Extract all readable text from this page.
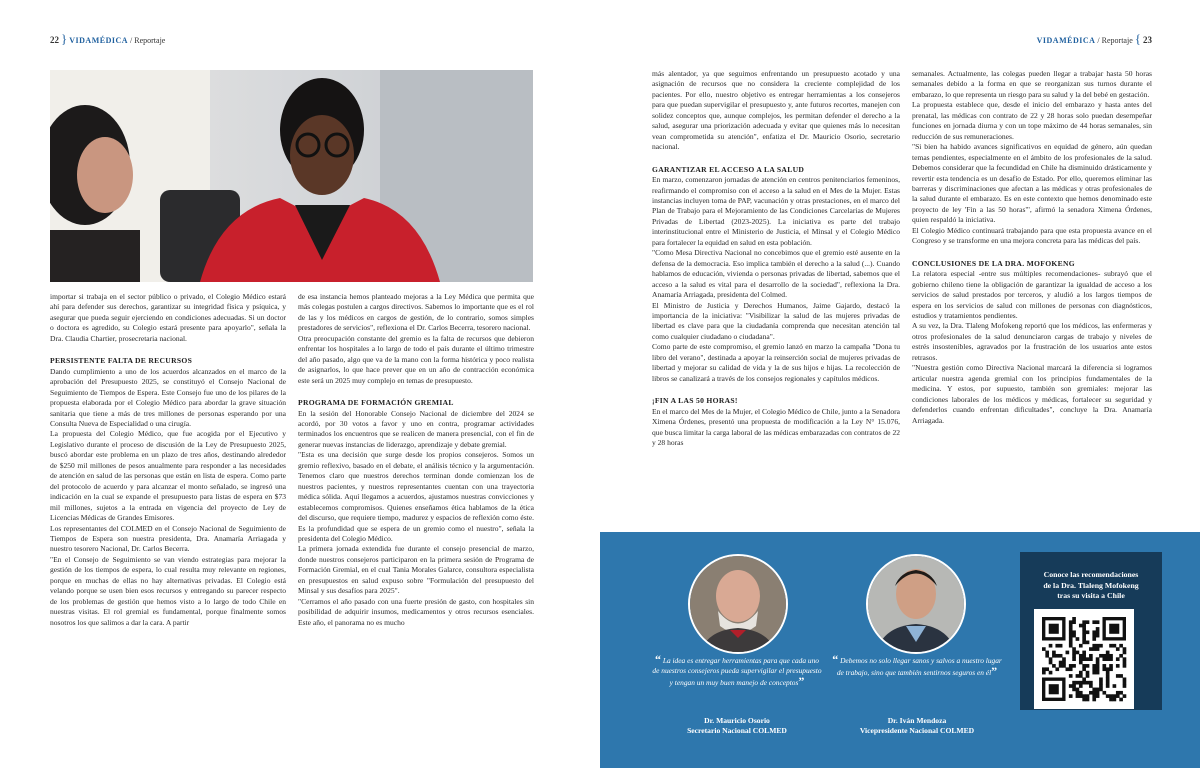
22 } VIDAMÉDICA / Reportaje	VIDAMÉDICA / Reportaje { 23

importar si trabaja en el sector público o privado, el Colegio Médico estará ahí para defender sus derechos, garantizar su integridad física y psíquica, y asegurar que pueda seguir ejerciendo en condiciones adecuadas. Si un doctor o doctora es agredido, su Colegio estará presente para apoyarlo", señala la Dra. Claudia Chartier, prosecretaria nacional.

PERSISTENTE FALTA DE RECURSOS

Dando cumplimiento a uno de los acuerdos alcanzados en el marco de la aprobación del Presupuesto 2025, se constituyó el Consejo Nacional de Seguimiento de Tiempos de Espera. Este Consejo fue uno de los pilares de la propuesta elaborada por el Colegio Médico para abordar la grave situación sanitaria que tiene a más de tres millones de personas esperando por una Consulta Nueva de Especialidad o una cirugía.

La propuesta del Colegio Médico, que fue acogida por el Ejecutivo y Legislativo durante el proceso de discusión de la Ley de Presupuesto 2025, buscó abordar este problema en un plazo de tres años, destinando alrededor de $250 mil millones de pesos anualmente para responder a las necesidades de atención en salud de las personas que están en lista de espera. Como parte del protocolo de acuerdo y para alcanzar el monto señalado, se ingresó una indicación en la cual se expande el presupuesto para listas de espera en $73 mil millones, sujetos a la entrada en vigencia del proyecto de Ley de Licencias Médicas de Grandes Emisores.

Los representantes del COLMED en el Consejo Nacional de Seguimiento de Tiempos de Espera son nuestra presidenta, Dra. Anamaría Arriagada y nuestro tesorero Nacional, Dr. Carlos Becerra.

"En el Consejo de Seguimiento se van viendo estrategias para mejorar la gestión de los tiempos de espera, lo cual resulta muy relevante en regiones, porque en muchas de ellas no hay alternativas privadas. El Colegio está velando porque se usen bien esos recursos y entregando su parecer respecto de los problemas de gestión que hemos visto a lo largo de todo Chile en nuestras visitas. El rol gremial es fundamental, porque finalmente somos nosotros los que salimos a dar la cara. A partir

de esa instancia hemos planteado mejoras a la Ley Médica que permita que más colegas postulen a cargos directivos. Sabemos lo importante que es el rol de las y los médicos en cargos de gestión, de lo contrario, somos simples prestadores de servicios", reflexiona el Dr. Carlos Becerra, tesorero nacional.

Otra preocupación constante del gremio es la falta de recursos que debieron enfrentar los hospitales a lo largo de todo el país durante el último trimestre del año pasado, algo que va de la mano con la forma histórica y poco realista de asignarlos, lo que hace prever que en un año de contracción económica este será un 2025 muy complejo en temas de presupuesto.

PROGRAMA DE FORMACIÓN GREMIAL

En la sesión del Honorable Consejo Nacional de diciembre del 2024 se acordó, por 30 votos a favor y uno en contra, programar actividades terminados los encuentros que se realicen de manera presencial, con el fin de generar nuevas instancias de liderazgo, aprendizaje y debate gremial.

"Esta es una decisión que surge desde los propios consejeros. Somos un gremio reflexivo, basado en el debate, el análisis técnico y la argumentación. Tenemos claro que nuestros derechos terminan donde comienzan los de nuestros pacientes, y nuestros representantes cuentan con una trayectoria médica sólida. Aquí llegamos a acuerdos, ajustamos nuestras convicciones y establecemos compromisos. Quienes enseñamos ética hablamos de la ética del discurso, que requiere tiempo, madurez y espacios de reflexión como éste. Es la profundidad que se espera de un gremio como el nuestro", señala la presidenta del Colegio Médico.

La primera jornada extendida fue durante el consejo presencial de marzo, donde nuestros consejeros participaron en la primera sesión de Programa de Formación Gremial, en el cual Tania Morales Galarce, consultora especialista en presupuestos en salud expuso sobre "Formulación del presupuesto del Minsal y sus desafíos para 2025".

"Cerramos el año pasado con una fuerte presión de gasto, con hospitales sin posibilidad de adquirir insumos, medicamentos y otros recursos esenciales. Este año, el panorama no es mucho

más alentador, ya que seguimos enfrentando un presupuesto acotado y una asignación de recursos que no considera la creciente complejidad de los pacientes. Por ello, nuestro objetivo es entregar herramientas a los consejeros para que puedan supervigilar el presupuesto y, ante futuros recortes, manejen con solidez conceptos que, aunque complejos, les permitan defender el derecho a la salud, asegurar una priorización adecuada y evitar que quienes más lo necesitan vean comprometida su atención", enfatiza el Dr. Mauricio Osorio, secretario nacional.

GARANTIZAR EL ACCESO A LA SALUD

En marzo, comenzaron jornadas de atención en centros penitenciarios femeninos, reafirmando el compromiso con el acceso a la salud en el Mes de la Mujer. Estas instancias incluyen toma de PAP, vacunación y otras prestaciones, en el marco del Plan de Trabajo para el Mejoramiento de las Condiciones Carcelarias de Mujeres Privadas de Libertad (2023-2025). La iniciativa es parte del trabajo interinstitucional entre el Ministerio de Justicia, el Minsal y el Colegio Médico para fortalecer la equidad en salud en esta población.

"Como Mesa Directiva Nacional no concebimos que el gremio esté ausente en la defensa de la democracia. Eso implica también el derecho a la salud (...). Cuando hablamos de educación, vivienda o personas privadas de libertad, sabemos que el acceso a la salud es vital para el desarrollo de la sociedad", reflexiona la Dra. Anamaría Arriagada, presidenta del Colmed.

El Ministro de Justicia y Derechos Humanos, Jaime Gajardo, destacó la importancia de la iniciativa: "Visibilizar la salud de las mujeres privadas de libertad es clave para que la ciudadanía comprenda que necesitan atención tal como cualquier ciudadano o ciudadana".

Como parte de este compromiso, el gremio lanzó en marzo la campaña "Dona tu libro del verano", destinada a apoyar la reinserción social de mujeres privadas de libertad y mejorar su calidad de vida y la de sus hijos e hijas. La recolección de libros se canalizará a través de los consejos regionales y capítulos médicos.

¡FIN A LAS 50 HORAS!

En el marco del Mes de la Mujer, el Colegio Médico de Chile, junto a la Senadora Ximena Órdenes, presentó una propuesta de modificación a la Ley N° 15.076, que busca limitar la carga laboral de las médicas embarazadas con contratos de 22 y 28 horas

semanales. Actualmente, las colegas pueden llegar a trabajar hasta 50 horas semanales debido a la forma en que se reorganizan sus turnos durante el embarazo, lo que representa un riesgo para su salud y la del bebé en gestación.

La propuesta establece que, desde el inicio del embarazo y hasta antes del prenatal, las médicas con contrato de 22 y 28 horas solo puedan desempeñar funciones en jornada diurna y con un tope máximo de 44 horas semanales, sin reducción de sus remuneraciones.

"Si bien ha habido avances significativos en equidad de género, aún quedan temas pendientes, especialmente en el ámbito de los profesionales de la salud. Debemos considerar que la fecundidad en Chile ha disminuido drásticamente y revertir esta tendencia es un desafío de Estado. Por ello, queremos eliminar las barreras y discriminaciones que afectan a las médicas y otras profesionales de la salud durante el embarazo. Es en este contexto que hemos denominado este proyecto de ley 'Fin a las 50 horas'", afirmó la senadora Ximena Órdenes, quien respaldó la iniciativa.

El Colegio Médico continuará trabajando para que esta propuesta avance en el Congreso y se transforme en una mejora concreta para las médicas del país.

CONCLUSIONES DE LA DRA. MOFOKENG

La relatora especial -entre sus múltiples recomendaciones- subrayó que el gobierno chileno tiene la obligación de garantizar la igualdad de acceso a los servicios de salud prestados por terceros, y aludió a los largos tiempos de espera en los servicios de salud con millones de personas con diagnósticos, estudios y tratamientos pendientes.

A su vez, la Dra. Tlaleng Mofokeng reportó que los médicos, las enfermeras y otros profesionales de la salud denunciaron cargas de trabajo y niveles de estrés insostenibles, agravados por la frustración de los usuarios ante estos retrasos.

"Nuestra gestión como Directiva Nacional marcará la diferencia si logramos articular nuestra agenda gremial con los principios fundamentales de la medicina. Y estos, por supuesto, también son gremiales: mejorar las condiciones laborales de los médicos y médicas, fortalecer su seguridad y defenderlos cuando enfrentan dificultades", concluye la Dra. Anamaría Arriagada.

“ La idea es entregar herramientas para que cada uno de nuestros consejeros pueda supervigilar el presupuesto y tengan un muy buen manejo de conceptos”
Dr. Mauricio Osorio
Secretario Nacional COLMED
“ Debemos no solo llegar sanos y salvos a nuestro lugar de trabajo, sino que también sentirnos seguros en él”
Dr. Iván Mendoza
Vicepresidente Nacional COLMED
Conoce las recomendaciones
de la Dra. Tlaleng Mofokeng
tras su visita a Chile
